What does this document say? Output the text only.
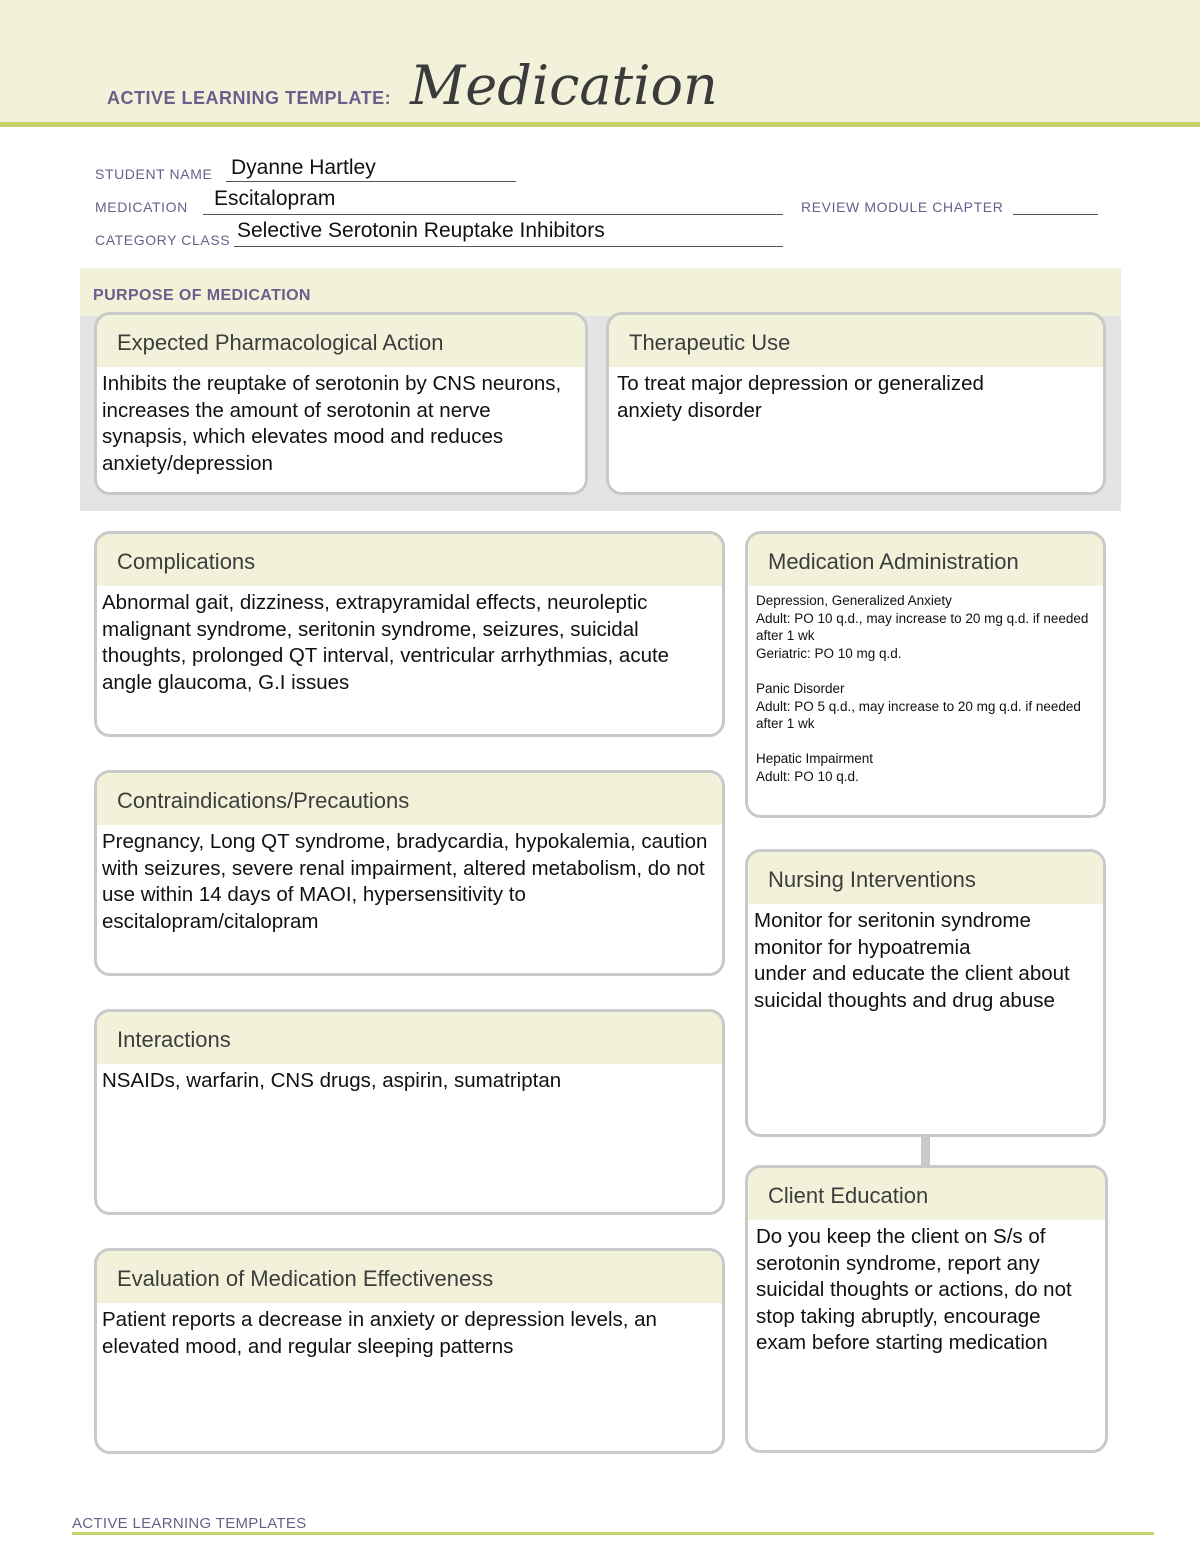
ACTIVE LEARNING TEMPLATE: Medication
STUDENT NAME Dyanne Hartley
MEDICATION Escitalopram	REVIEW MODULE CHAPTER
CATEGORY CLASS Selective Serotonin Reuptake Inhibitors
PURPOSE OF MEDICATION
Expected Pharmacological Action
Inhibits the reuptake of serotonin by CNS neurons, increases the amount of serotonin at nerve synapsis, which elevates mood and reduces anxiety/depression
Therapeutic Use
To treat major depression or generalized anxiety disorder
Complications
Abnormal gait, dizziness, extrapyramidal effects, neuroleptic malignant syndrome, seritonin syndrome, seizures, suicidal thoughts, prolonged QT interval, ventricular arrhythmias, acute angle glaucoma, G.I issues
Medication Administration

Depression, Generalized Anxiety

Adult: PO 10 q.d., may increase to 20 mg q.d. if needed after 1 wk

Geriatric: PO 10 mg q.d.

Panic Disorder

Adult: PO 5 q.d., may increase to 20 mg q.d. if needed after 1 wk

Hepatic Impairment

Adult: PO 10 q.d.

Contraindications/Precautions
Pregnancy, Long QT syndrome, bradycardia, hypokalemia, caution with seizures, severe renal impairment, altered metabolism, do not use within 14 days of MAOI, hypersensitivity to escitalopram/citalopram
Nursing Interventions
Monitor for seritonin syndrome
monitor for hypoatremia
under and educate the client about suicidal thoughts and drug abuse
Interactions
NSAIDs, warfarin, CNS drugs, aspirin, sumatriptan
Client Education
Do you keep the client on S/s of serotonin syndrome, report any suicidal thoughts or actions, do not stop taking abruptly, encourage exam before starting medication
Evaluation of Medication Effectiveness
Patient reports a decrease in anxiety or depression levels, an elevated mood, and regular sleeping patterns
ACTIVE LEARNING TEMPLATES
